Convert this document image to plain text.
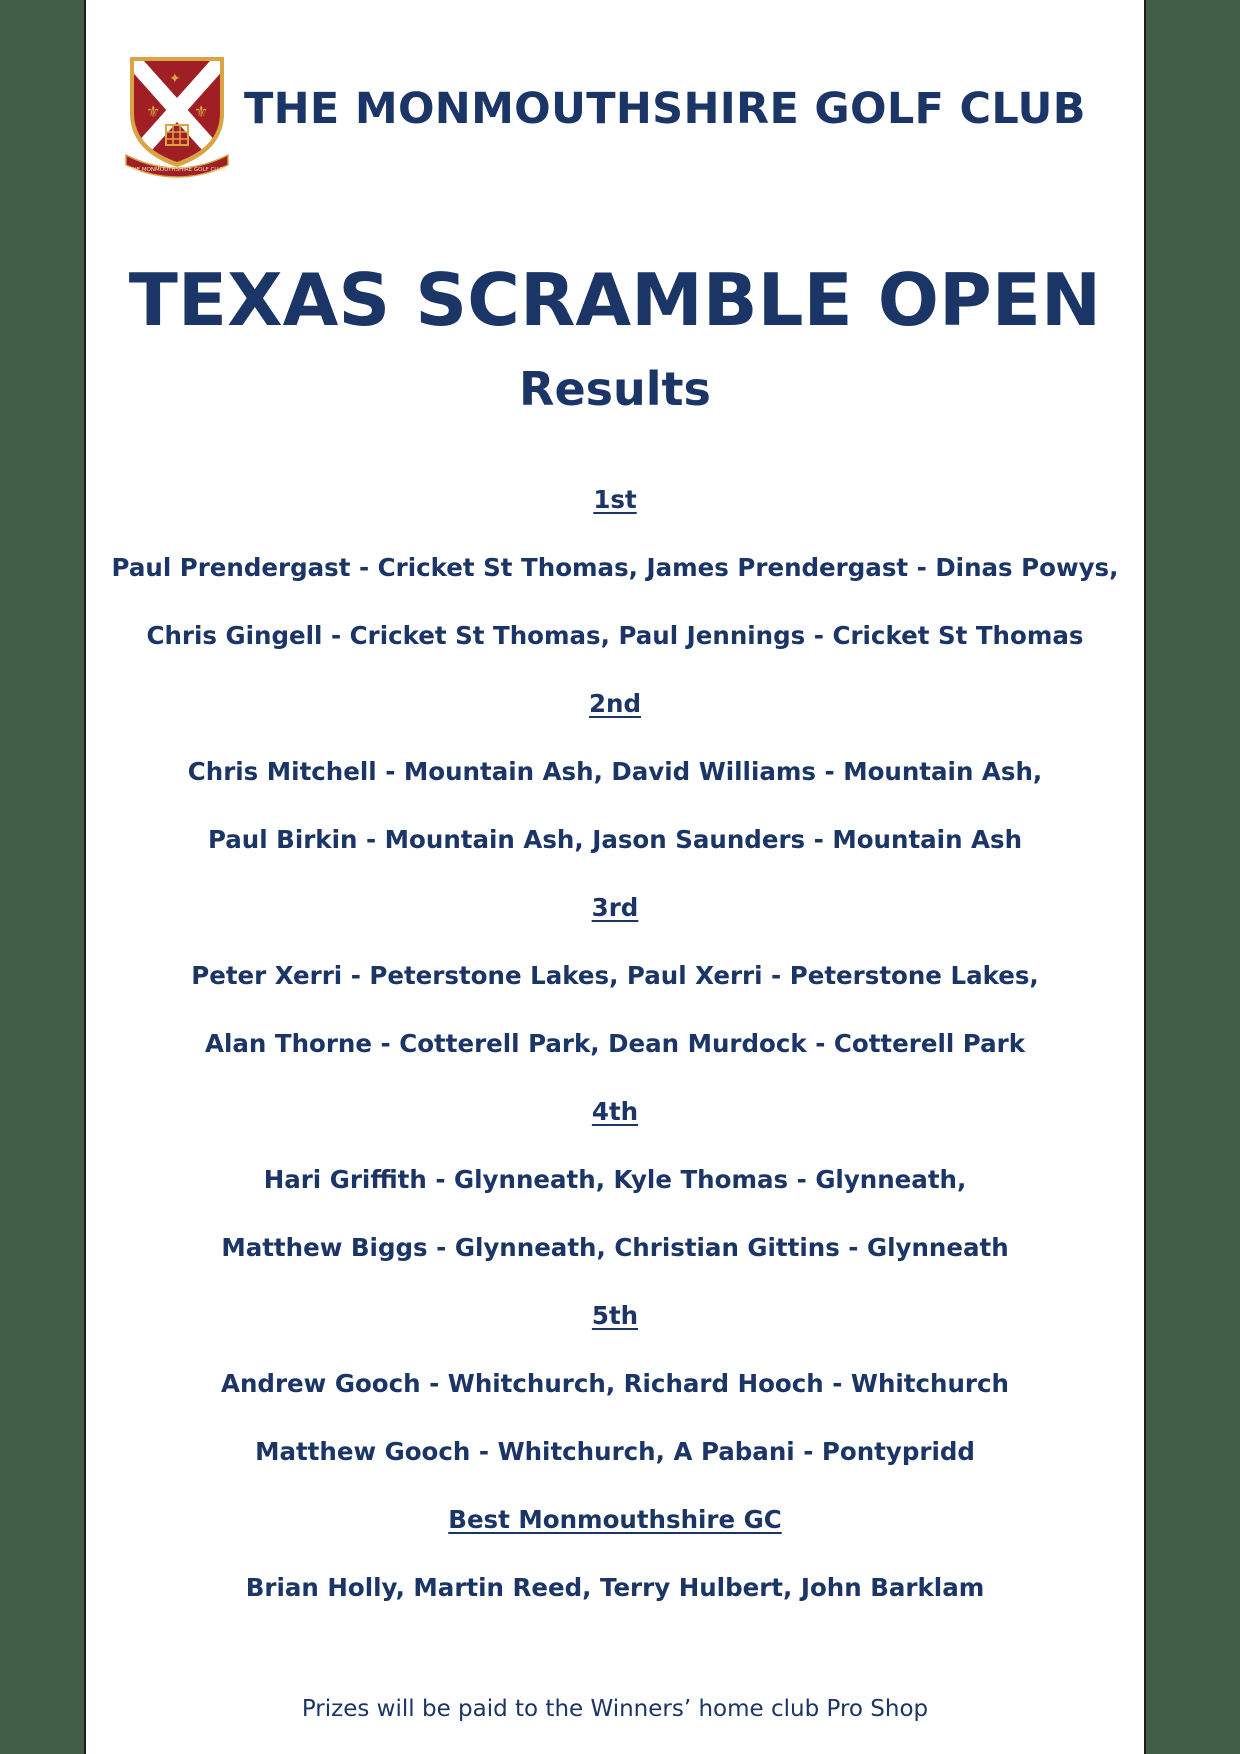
⚜ ⚜
✦
THE MONMOUTHSHIRE GOLF CLUB
THE MONMOUTHSHIRE GOLF CLUB
TEXAS SCRAMBLE OPEN
Results
1st
Paul Prendergast - Cricket St Thomas, James Prendergast - Dinas Powys,
Chris Gingell - Cricket St Thomas, Paul Jennings - Cricket St Thomas
2nd
Chris Mitchell - Mountain Ash, David Williams - Mountain Ash,
Paul Birkin - Mountain Ash, Jason Saunders - Mountain Ash
3rd
Peter Xerri - Peterstone Lakes, Paul Xerri - Peterstone Lakes,
Alan Thorne - Cotterell Park, Dean Murdock - Cotterell Park
4th
Hari Griffith - Glynneath, Kyle Thomas - Glynneath,
Matthew Biggs - Glynneath, Christian Gittins - Glynneath
5th
Andrew Gooch - Whitchurch, Richard Hooch - Whitchurch
Matthew Gooch - Whitchurch, A Pabani - Pontypridd
Best Monmouthshire GC
Brian Holly, Martin Reed, Terry Hulbert, John Barklam
Prizes will be paid to the Winners’ home club Pro Shop
